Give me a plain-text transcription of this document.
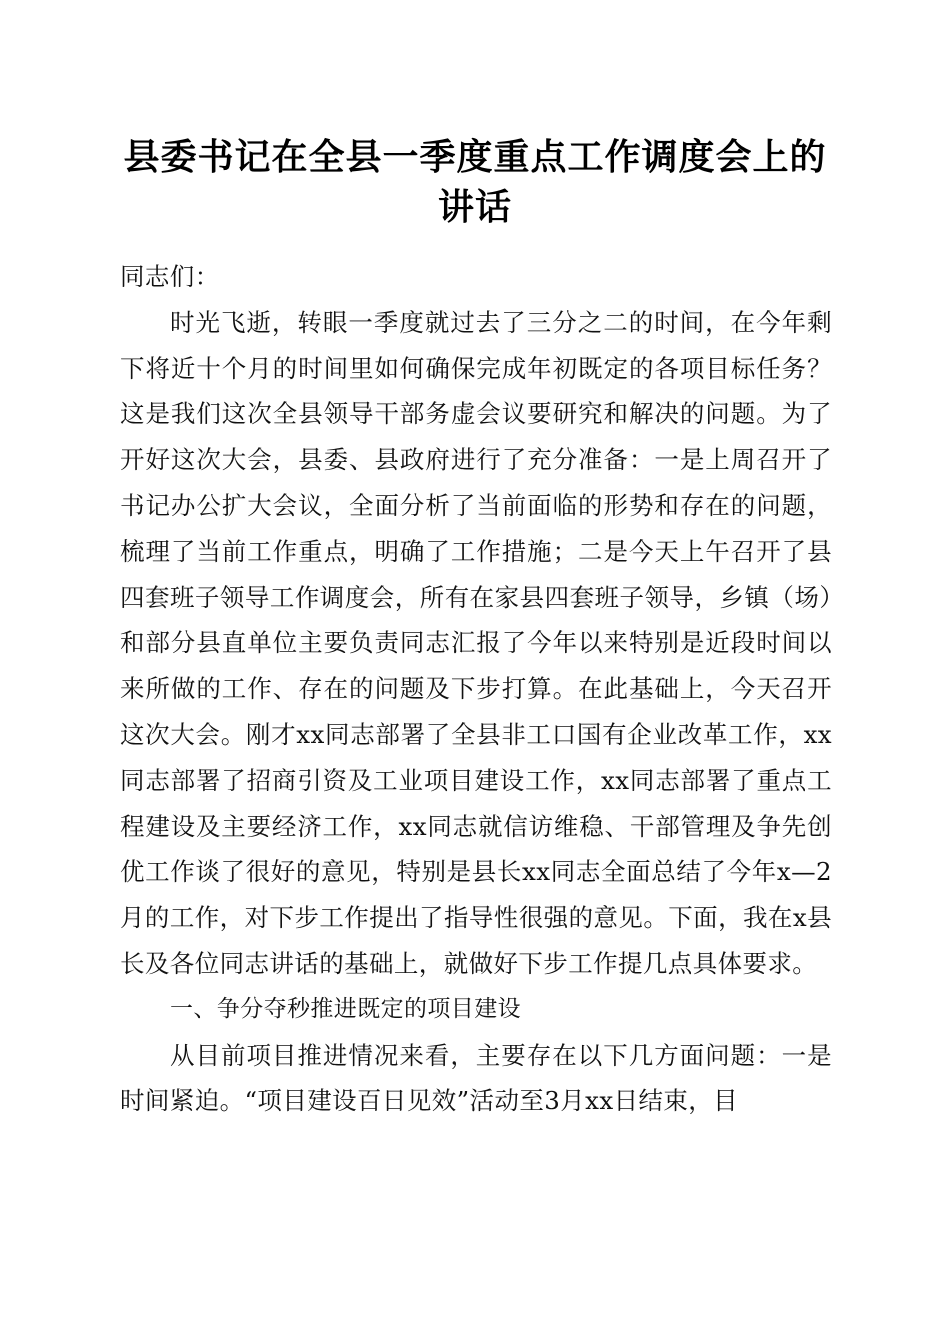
县委书记在全县一季度重点工作调度会上的讲话

同志们：

时光飞逝，转眼一季度就过去了三分之二的时间，在今年剩下将近十个月的时间里如何确保完成年初既定的各项目标任务？这是我们这次全县领导干部务虚会议要研究和解决的问题。为了开好这次大会，县委、县政府进行了充分准备：一是上周召开了书记办公扩大会议，全面分析了当前面临的形势和存在的问题，梳理了当前工作重点，明确了工作措施；二是今天上午召开了县四套班子领导工作调度会，所有在家县四套班子领导，乡镇（场）和部分县直单位主要负责同志汇报了今年以来特别是近段时间以来所做的工作、存在的问题及下步打算。在此基础上，今天召开这次大会。刚才xx同志部署了全县非工口国有企业改革工作，xx同志部署了招商引资及工业项目建设工作，xx同志部署了重点工程建设及主要经济工作，xx同志就信访维稳、干部管理及争先创优工作谈了很好的意见，特别是县长xx同志全面总结了今年x—2月的工作，对下步工作提出了指导性很强的意见。下面，我在x县长及各位同志讲话的基础上，就做好下步工作提几点具体要求。

一、争分夺秒推进既定的项目建设

从目前项目推进情况来看，主要存在以下几方面问题：一是时间紧迫。“项目建设百日见效”活动至3月xx日结束，目
